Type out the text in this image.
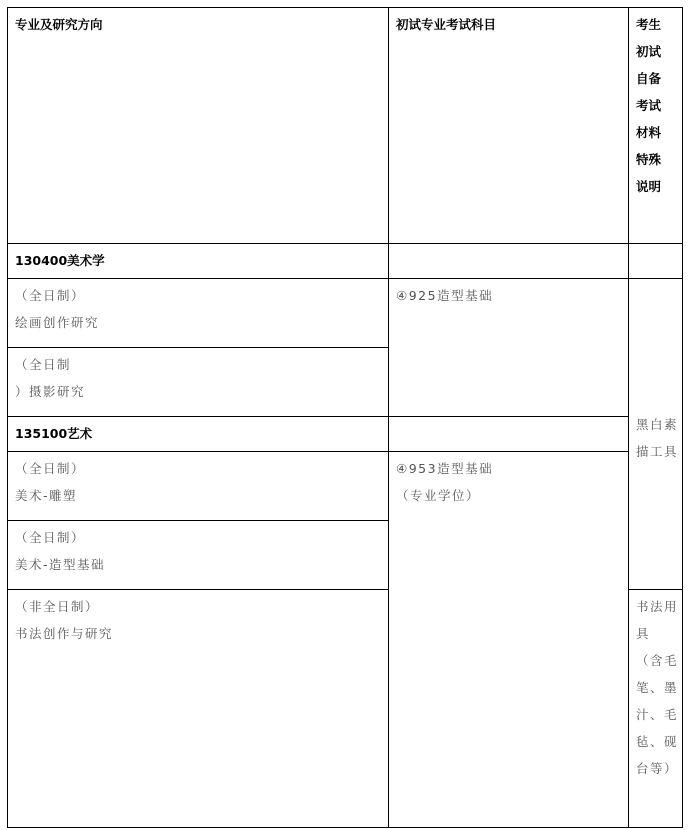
专业及研究方向	初试专业考试科目	考生
初试
自备
考试
材料
特殊
说明
130400美术学
（全日制）
绘画创作研究
（全日制
）摄影研究
④925造型基础
黑白素
描工具
135100艺术
（全日制）
美术-雕塑
（全日制）
美术-造型基础
（非全日制）
书法创作与研究
④953造型基础
（专业学位）
书法用
具
（含毛
笔、墨
汁、毛
毡、砚
台等）
